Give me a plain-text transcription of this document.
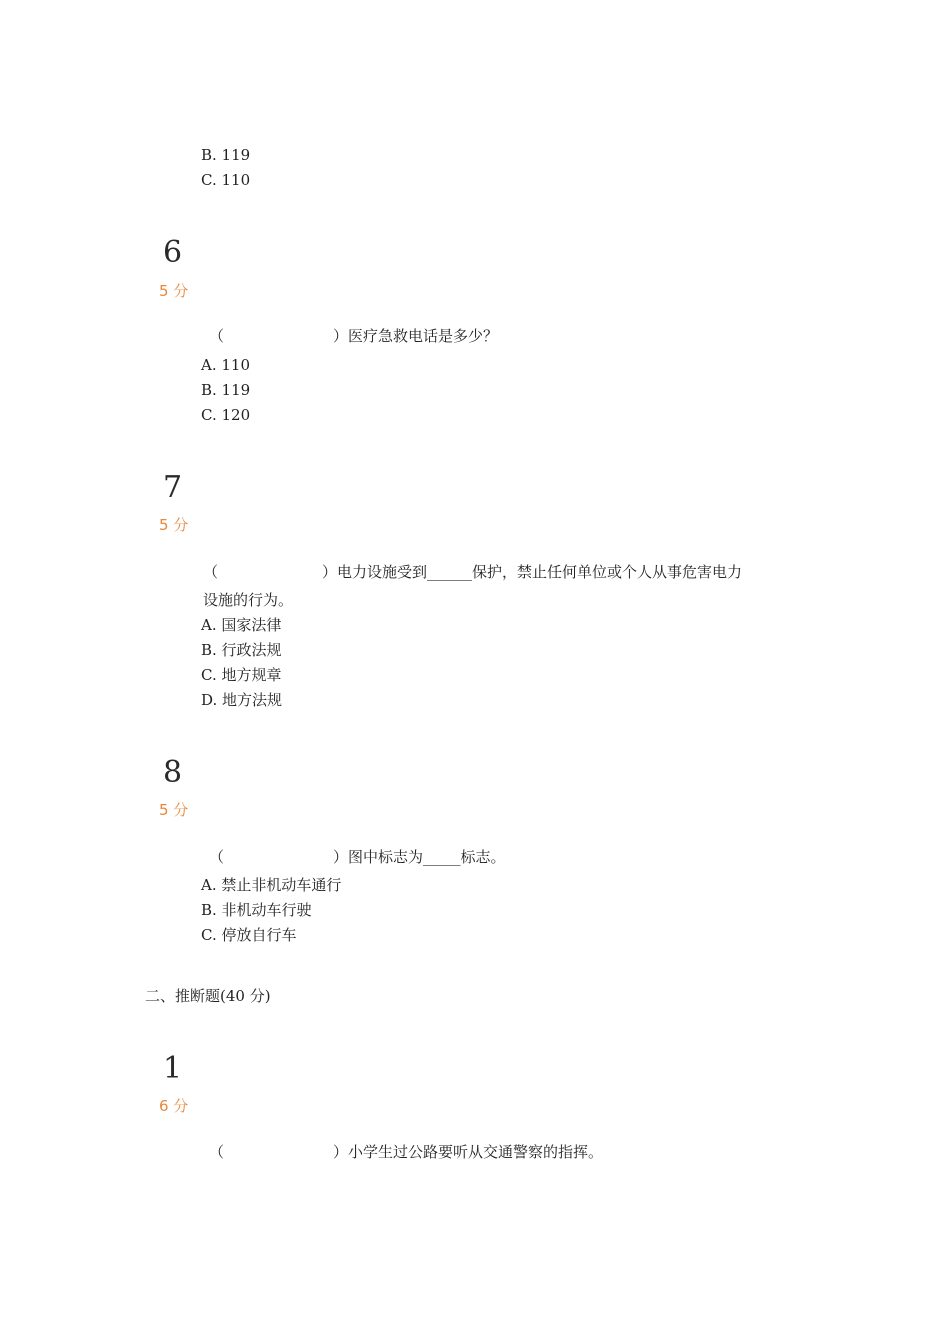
B. 119
C. 110
6
5 分
（	）医疗急救电话是多少？
A. 110
B. 119
C. 120
7
5 分
（	）电力设施受到______保护，禁止任何单位或个人从事危害电力
设施的行为。
A. 国家法律
B. 行政法规
C. 地方规章
D. 地方法规
8
5 分
（	）图中标志为_____标志。
A. 禁止非机动车通行
B. 非机动车行驶
C. 停放自行车
二、推断题(40 分)
1
6 分
（	）小学生过公路要听从交通警察的指挥。
